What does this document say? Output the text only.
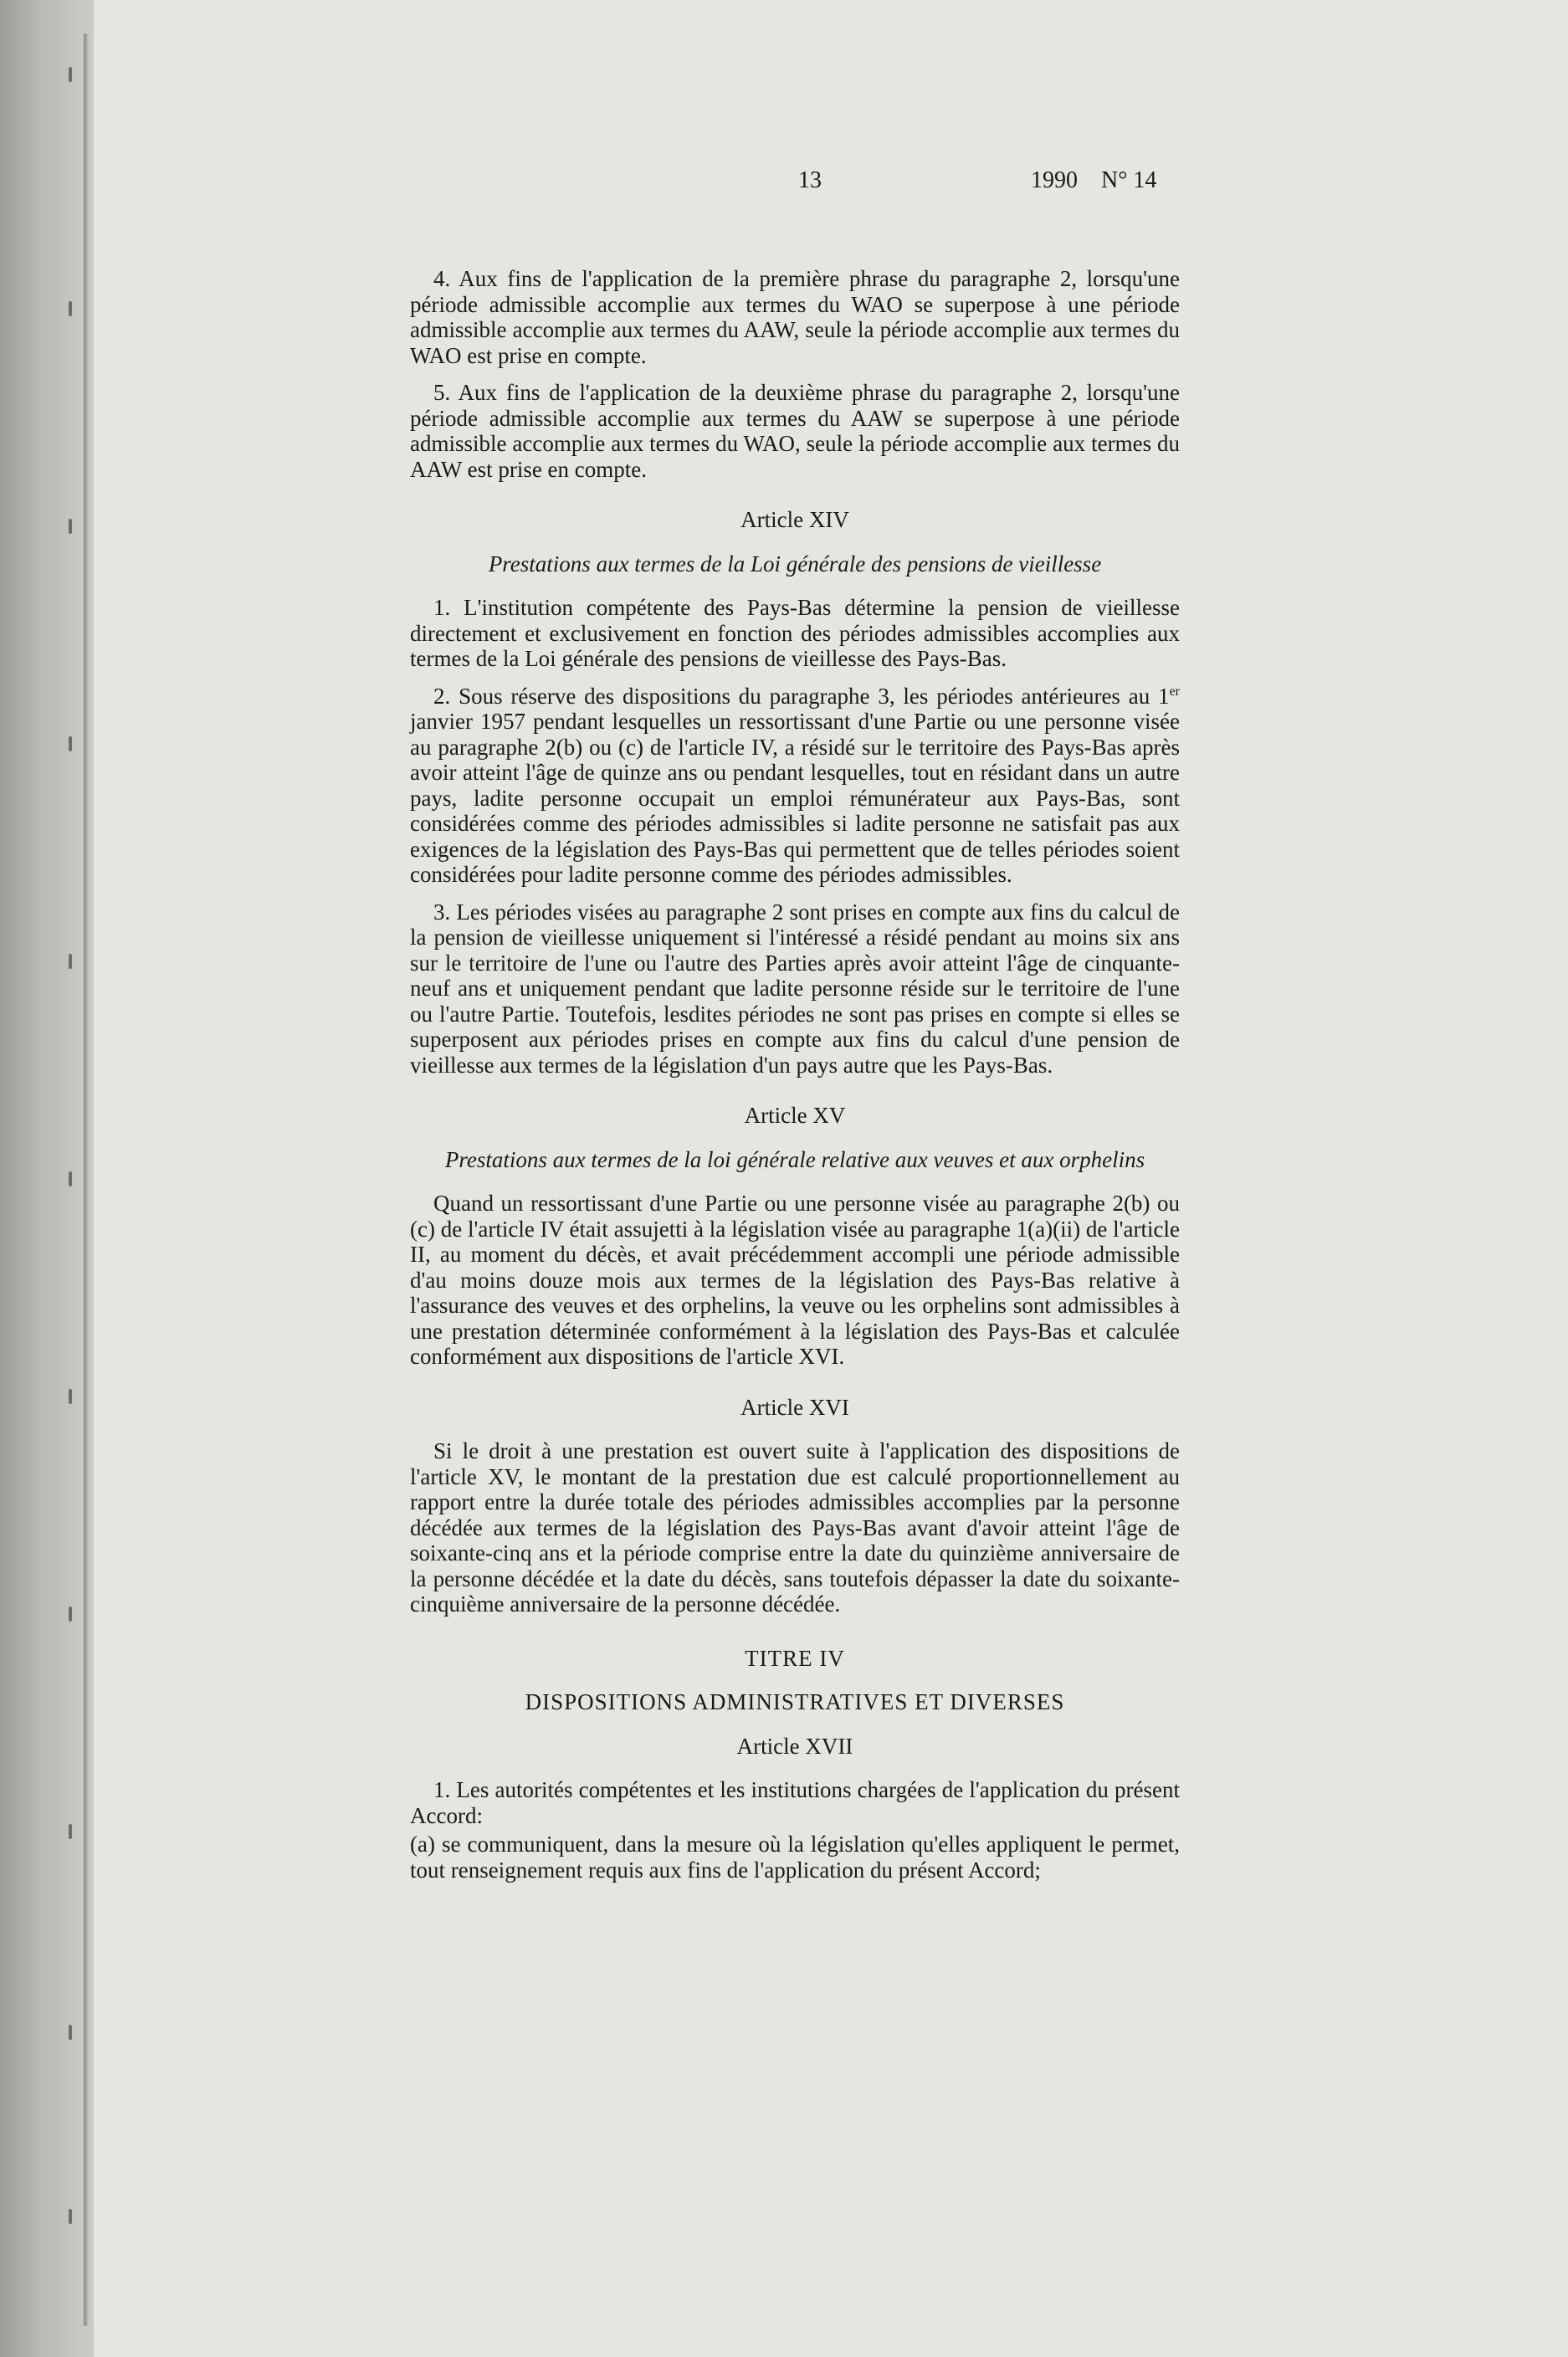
13	1990    N° 14

4. Aux fins de l'application de la première phrase du paragraphe 2, lorsqu'une période admissible accomplie aux termes du WAO se superpose à une période admissible accomplie aux termes du AAW, seule la période accomplie aux termes du WAO est prise en compte.

5. Aux fins de l'application de la deuxième phrase du paragraphe 2, lorsqu'une période admissible accomplie aux termes du AAW se superpose à une période admissible accomplie aux termes du WAO, seule la période accomplie aux termes du AAW est prise en compte.

Article XIV

Prestations aux termes de la Loi générale des pensions de vieillesse

1. L'institution compétente des Pays-Bas détermine la pension de vieillesse directement et exclusivement en fonction des périodes admissibles accomplies aux termes de la Loi générale des pensions de vieillesse des Pays-Bas.

2. Sous réserve des dispositions du paragraphe 3, les périodes antérieures au 1er janvier 1957 pendant lesquelles un ressortissant d'une Partie ou une personne visée au paragraphe 2(b) ou (c) de l'article IV, a résidé sur le territoire des Pays-Bas après avoir atteint l'âge de quinze ans ou pendant lesquelles, tout en résidant dans un autre pays, ladite personne occupait un emploi rémunérateur aux Pays-Bas, sont considérées comme des périodes admissibles si ladite personne ne satisfait pas aux exigences de la législation des Pays-Bas qui permettent que de telles périodes soient considérées pour ladite personne comme des périodes admissibles.

3. Les périodes visées au paragraphe 2 sont prises en compte aux fins du calcul de la pension de vieillesse uniquement si l'intéressé a résidé pendant au moins six ans sur le territoire de l'une ou l'autre des Parties après avoir atteint l'âge de cinquante-neuf ans et uniquement pendant que ladite personne réside sur le territoire de l'une ou l'autre Partie. Toutefois, lesdites périodes ne sont pas prises en compte si elles se superposent aux périodes prises en compte aux fins du calcul d'une pension de vieillesse aux termes de la législation d'un pays autre que les Pays-Bas.

Article XV

Prestations aux termes de la loi générale relative aux veuves et aux orphelins

Quand un ressortissant d'une Partie ou une personne visée au paragraphe 2(b) ou (c) de l'article IV était assujetti à la législation visée au paragraphe 1(a)(ii) de l'article II, au moment du décès, et avait précédemment accompli une période admissible d'au moins douze mois aux termes de la législation des Pays-Bas relative à l'assurance des veuves et des orphelins, la veuve ou les orphelins sont admissibles à une prestation déterminée conformément à la législation des Pays-Bas et calculée conformément aux dispositions de l'article XVI.

Article XVI

Si le droit à une prestation est ouvert suite à l'application des dispositions de l'article XV, le montant de la prestation due est calculé proportionnellement au rapport entre la durée totale des périodes admissibles accomplies par la personne décédée aux termes de la législation des Pays-Bas avant d'avoir atteint l'âge de soixante-cinq ans et la période comprise entre la date du quinzième anniversaire de la personne décédée et la date du décès, sans toutefois dépasser la date du soixante-cinquième anniversaire de la personne décédée.

TITRE IV

DISPOSITIONS ADMINISTRATIVES ET DIVERSES

Article XVII

1. Les autorités compétentes et les institutions chargées de l'application du présent Accord:

(a) se communiquent, dans la mesure où la législation qu'elles appliquent le permet, tout renseignement requis aux fins de l'application du présent Accord;
